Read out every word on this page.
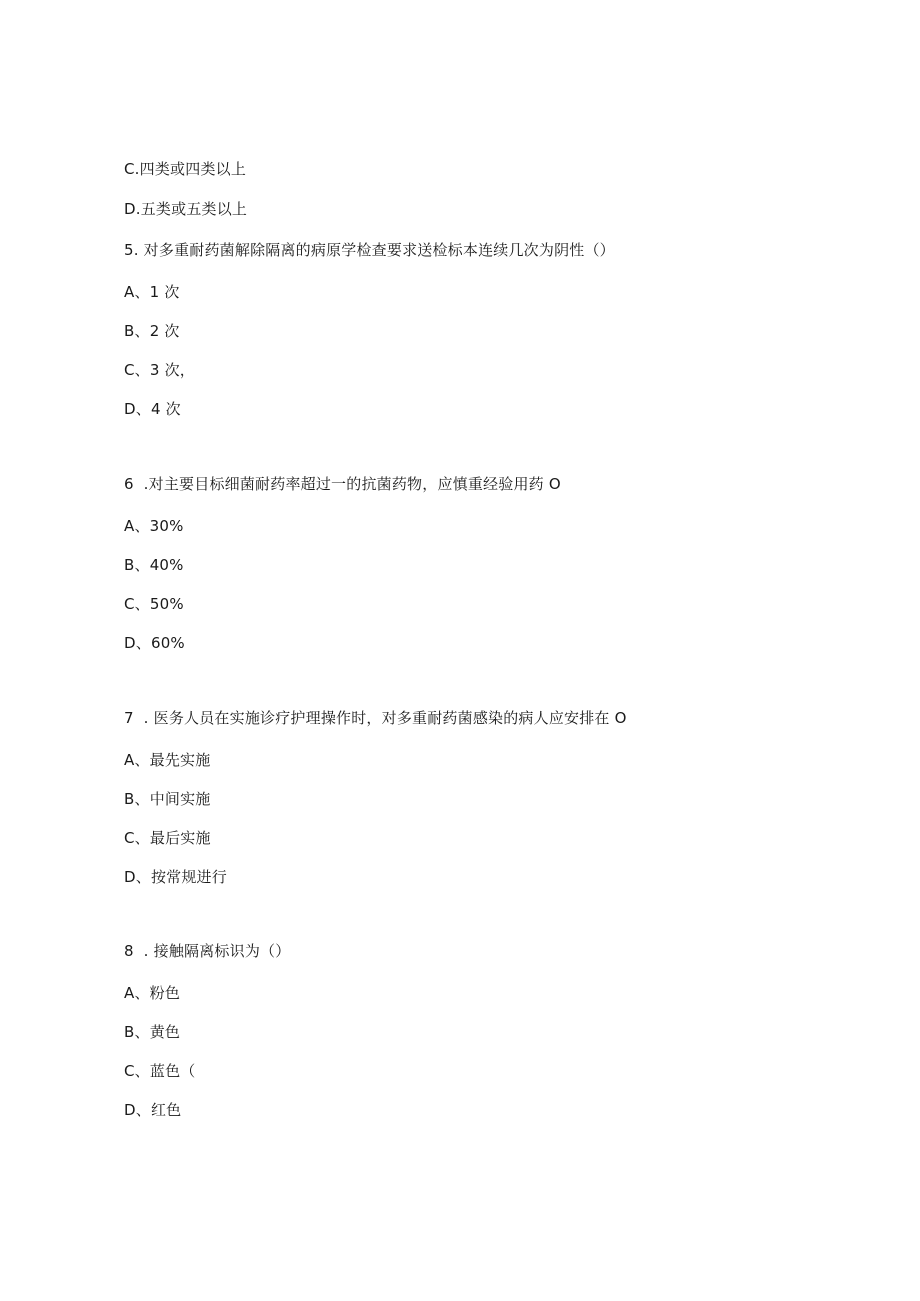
C.四类或四类以上
D.五类或五类以上
5. 对多重耐药菌解除隔离的病原学检查要求送检标本连续几次为阴性（）
A、1 次
B、2 次
C、3 次，
D、4 次
6  .对主要目标细菌耐药率超过一的抗菌药物，应慎重经验用药 O
A、30%
B、40%
C、50%
D、60%
7  . 医务人员在实施诊疗护理操作时，对多重耐药菌感染的病人应安排在 O
A、最先实施
B、中间实施
C、最后实施
D、按常规进行
8  . 接触隔离标识为（）
A、粉色
B、黄色
C、蓝色（
D、红色
